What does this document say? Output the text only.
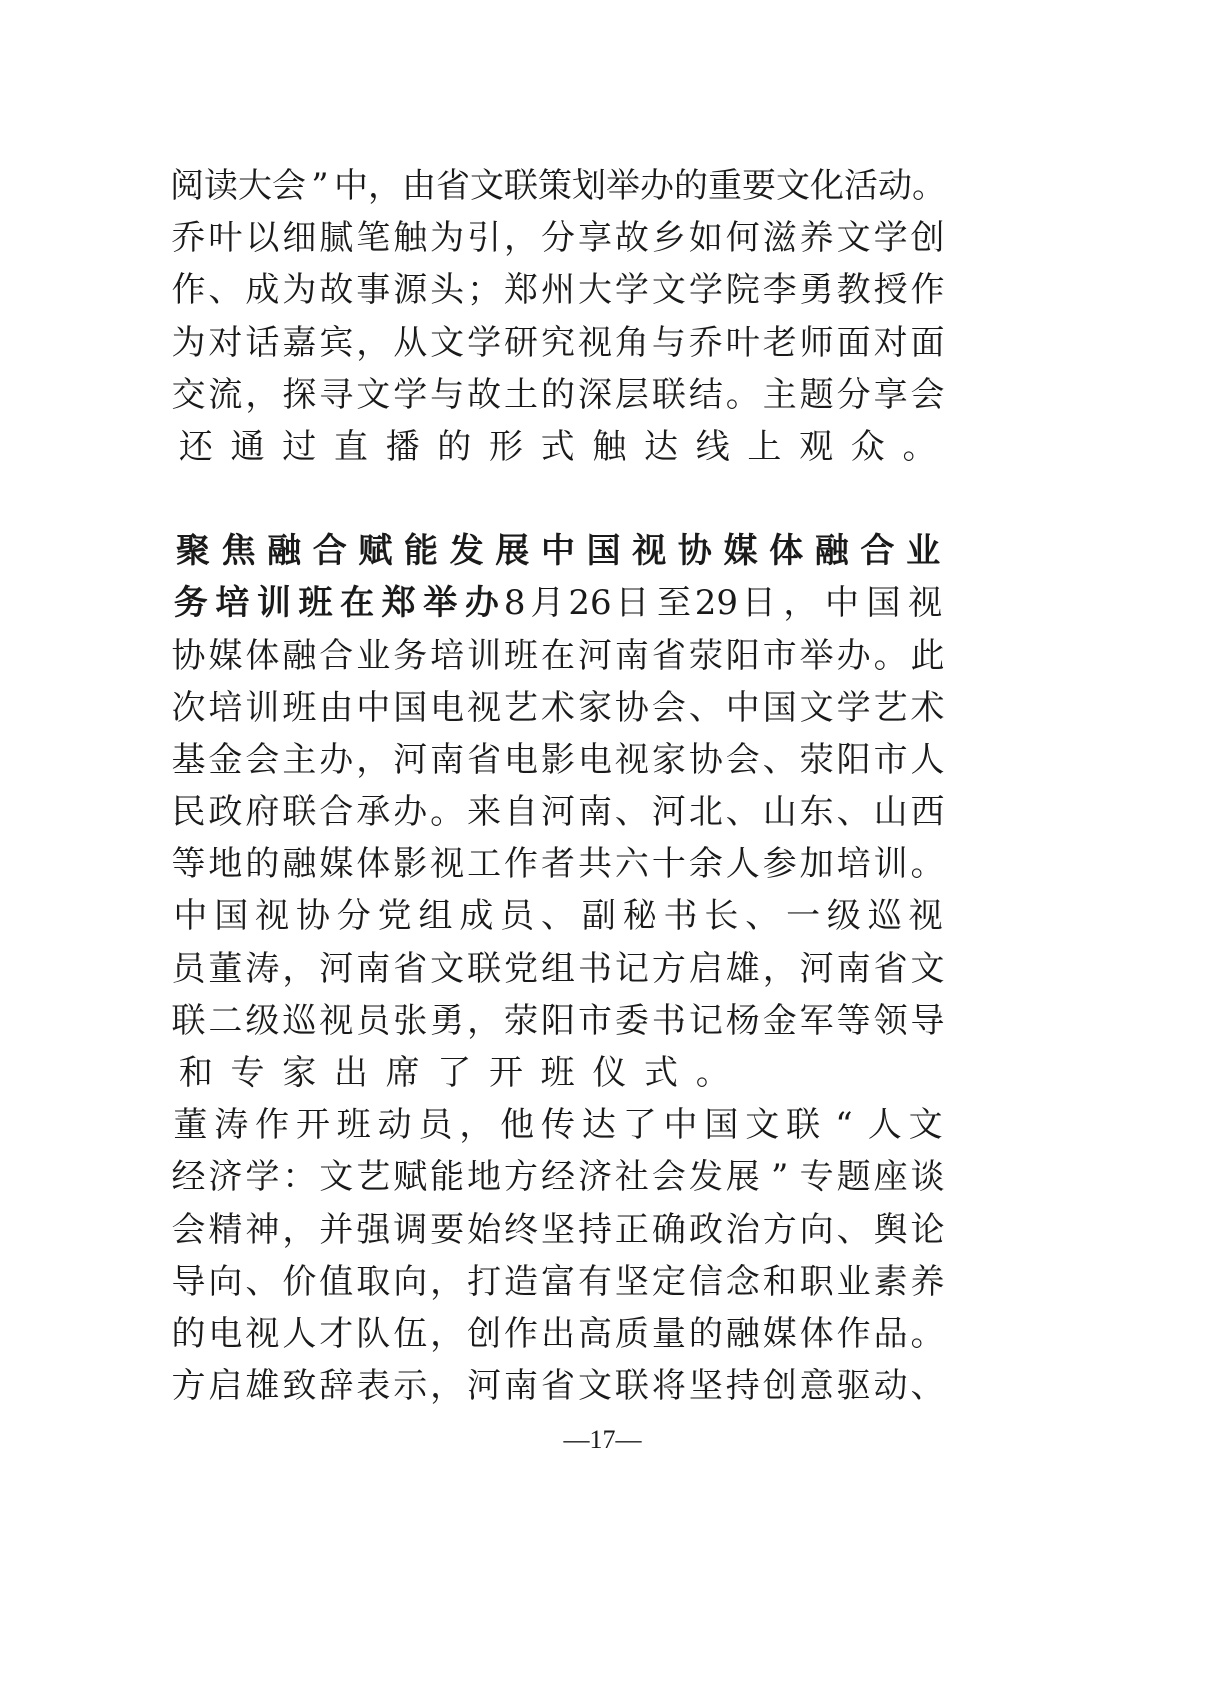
阅 读 大 会 ” 中 ， 由 省 文 联 策 划 举 办 的 重 要 文 化 活 动 。
乔 叶 以 细 腻 笔 触 为 引 ， 分 享 故 乡 如 何 滋 养 文 学 创
作 、 成 为 故 事 源 头 ； 郑 州 大 学 文 学 院 李 勇 教 授 作
为 对 话 嘉 宾 ， 从 文 学 研 究 视 角 与 乔 叶 老 师 面 对 面
交 流 ， 探 寻 文 学 与 故 土 的 深 层 联 结 。 主 题 分 享 会
还 通 过 直 播 的 形 式 触 达 线 上 观 众 。
聚 焦 融 合 赋 能 发 展 中 国 视 协 媒 体 融 合 业
务 培 训 班 在 郑 举 办 8 月 26 日 至 29 日 ， 中 国 视
协 媒 体 融 合 业 务 培 训 班 在 河 南 省 荥 阳 市 举 办 。 此
次 培 训 班 由 中 国 电 视 艺 术 家 协 会 、 中 国 文 学 艺 术
基 金 会 主 办 ， 河 南 省 电 影 电 视 家 协 会 、 荥 阳 市 人
民 政 府 联 合 承 办 。 来 自 河 南 、 河 北 、 山 东 、 山 西
等 地 的 融 媒 体 影 视 工 作 者 共 六 十 余 人 参 加 培 训 。
中 国 视 协 分 党 组 成 员 、 副 秘 书 长 、 一 级 巡 视
员 董 涛 ， 河 南 省 文 联 党 组 书 记 方 启 雄 ， 河 南 省 文
联 二 级 巡 视 员 张 勇 ， 荥 阳 市 委 书 记 杨 金 军 等 领 导
和 专 家 出 席 了 开 班 仪 式 。
董 涛 作 开 班 动 员 ， 他 传 达 了 中 国 文 联 “ 人 文
经 济 学 ： 文 艺 赋 能 地 方 经 济 社 会 发 展 ” 专 题 座 谈
会 精 神 ， 并 强 调 要 始 终 坚 持 正 确 政 治 方 向 、 舆 论
导 向 、 价 值 取 向 ， 打 造 富 有 坚 定 信 念 和 职 业 素 养
的 电 视 人 才 队 伍 ， 创 作 出 高 质 量 的 融 媒 体 作 品 。
方 启 雄 致 辞 表 示 ， 河 南 省 文 联 将 坚 持 创 意 驱 动 、
—17—
